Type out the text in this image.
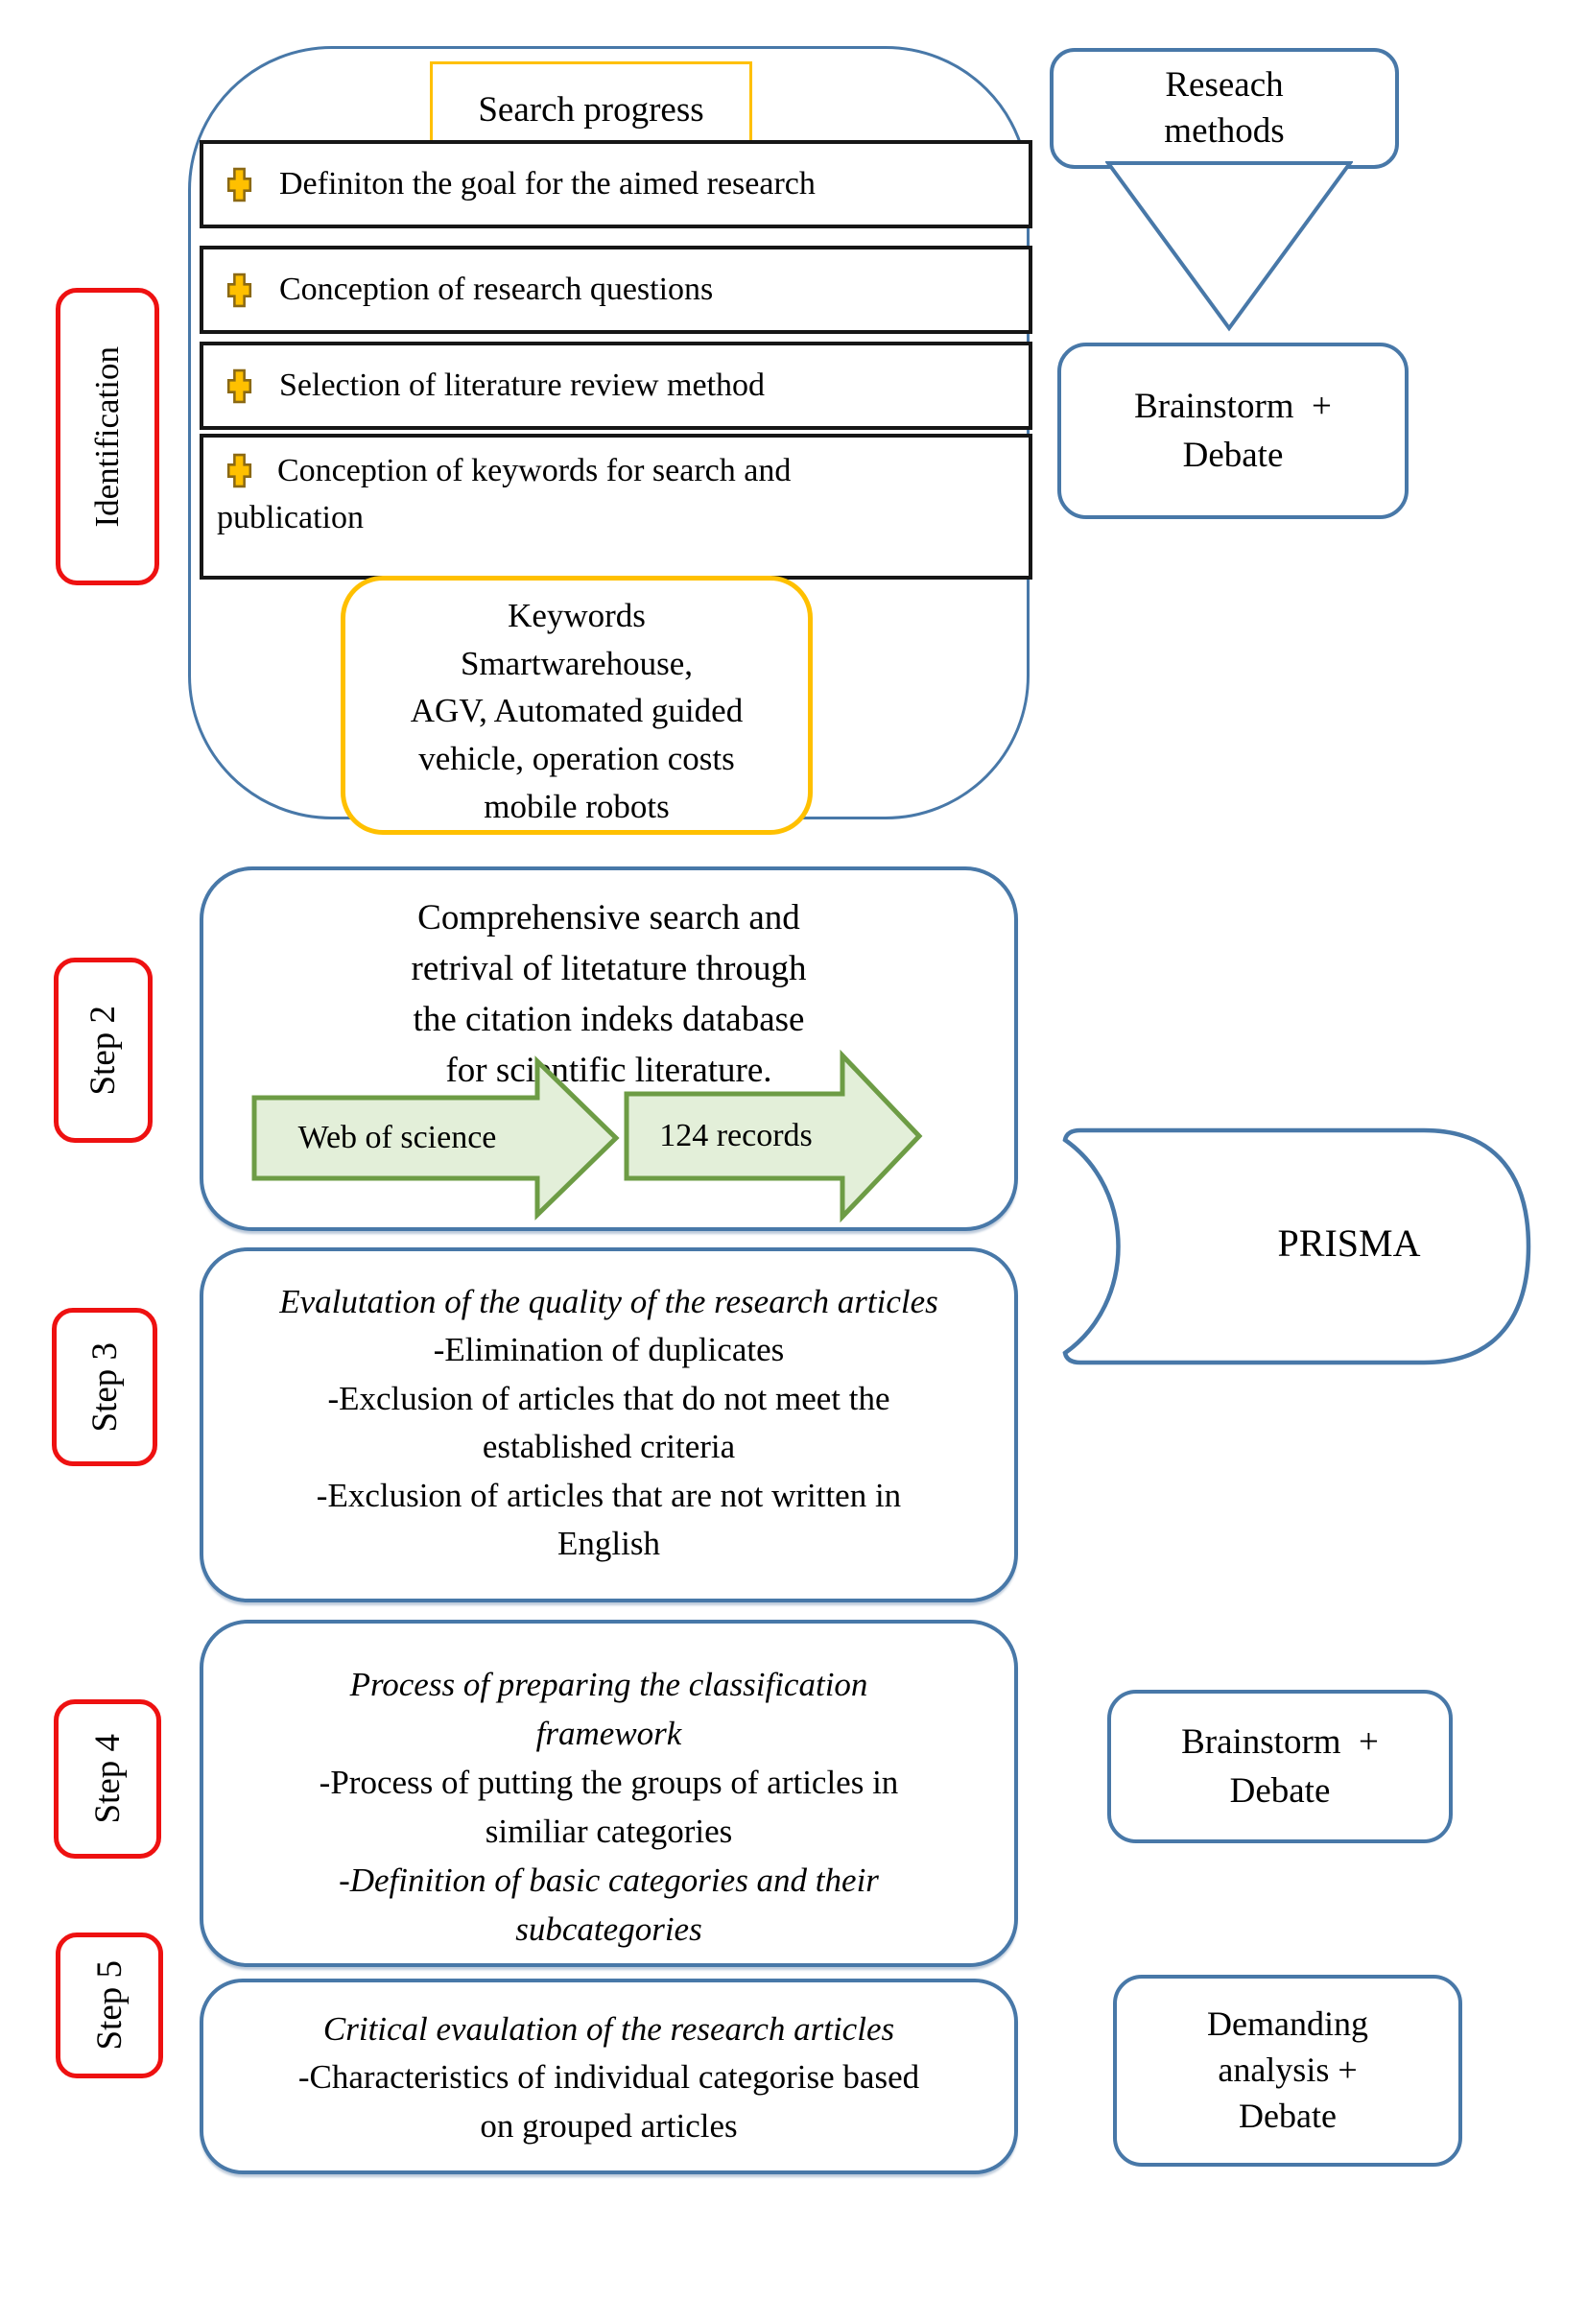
Identification
Step 2
Step 3
Step 4
Step 5
Search progress
Definiton the goal for the aimed research
Conception of research questions
Selection of literature review method
Conception of keywords for search and
publication
Keywords
Smartwarehouse,
AGV, Automated guided
vehicle, operation costs
mobile robots
Reseach
methods
Brainstorm  +
Debate
Comprehensive search and
retrival of litetature through
the citation indeks database
for scientific literature.
Web of science	124 records
PRISMA
Evalutation of the quality of the research articles
-Elimination of duplicates
-Exclusion of articles that do not meet the
established criteria
-Exclusion of articles that are not written in
English
Process of preparing the classification
framework
-Process of putting the groups of articles in
similiar categories
-Definition of basic categories and their
subcategories
Brainstorm  +
Debate
Critical evaulation of the research articles
-Characteristics of individual categorise based
on grouped articles
Demanding
analysis +
Debate
